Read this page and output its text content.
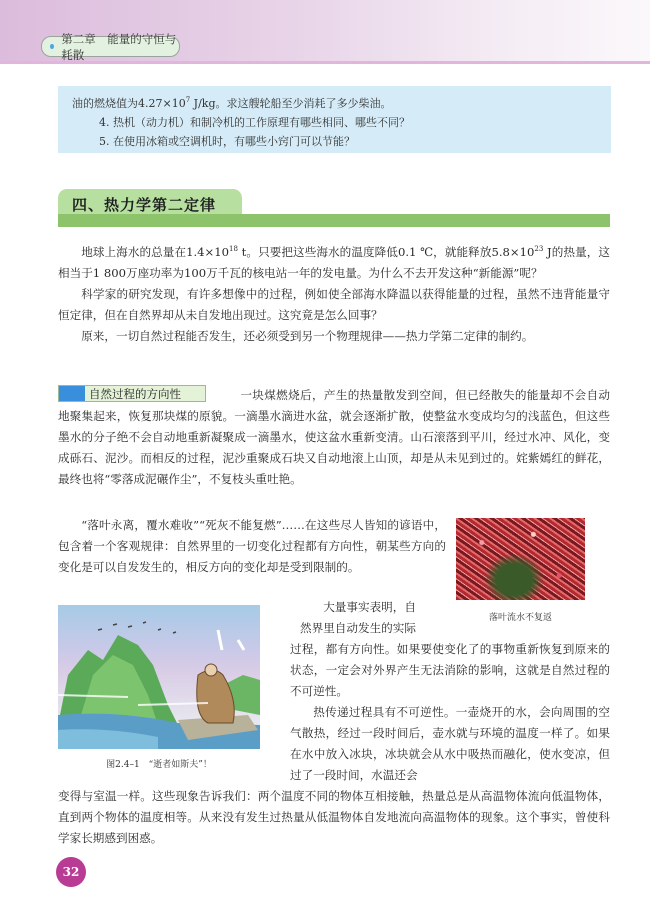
第二章　能量的守恒与耗散
油的燃烧值为$4.27\times 10^7$ J/kg。求这艘轮船至少消耗了多少柴油。
4. 热机（动力机）和制冷机的工作原理有哪些相同、哪些不同？
5. 在使用冰箱或空调机时，有哪些小窍门可以节能？
四、热力学第二定律

地球上海水的总量在$1.4\times 10^{18}$ t。只要把这些海水的温度降低0.1 ℃，就能释放$5.8\times 10^{23}$ J的热量，这相当于1 800万座功率为100万千瓦的核电站一年的发电量。为什么不去开发这种“新能源”呢？

科学家的研究发现，有许多想像中的过程，例如使全部海水降温以获得能量的过程，虽然不违背能量守恒定律，但在自然界却从未自发地出现过。这究竟是怎么回事？

原来，一切自然过程能否发生，还必须受到另一个物理规律——热力学第二定律的制约。

自然过程的方向性	一块煤燃烧后，产生的热量散发到空间，但已经散失的能量却不会自动地聚集起来，恢复那块煤的原貌。一滴墨水滴进水盆，就会逐渐扩散，使整盆水变成均匀的浅蓝色，但这些墨水的分子绝不会自动地重新凝聚成一滴墨水，使这盆水重新变清。山石滚落到平川，经过水冲、风化，变成砾石、泥沙。而相反的过程，泥沙重聚成石块又自动地滚上山顶，却是从未见到过的。姹紫嫣红的鲜花，最终也将“零落成泥碾作尘”，不复枝头重吐艳。

“落叶永离，覆水难收”“死灰不能复燃”……在这些尽人皆知的谚语中，包含着一个客观规律：自然界里的一切变化过程都有方向性，朝某些方向的变化是可以自发发生的，相反方向的变化却是受到限制的。

落叶流水不复返
图2.4–1　“逝者如斯夫”！

大量事实表明，自

然界里自动发生的实际
过程，都有方向性。如果要使变化了的事物重新恢复到原来的状态，一定会对外界产生无法消除的影响，这就是自然过程的不可逆性。

热传递过程具有不可逆性。一壶烧开的水，会向周围的空气散热，经过一段时间后，壶水就与环境的温度一样了。如果在水中放入冰块，冰块就会从水中吸热而融化，使水变凉，但过了一段时间，水温还会

变得与室温一样。这些现象告诉我们：两个温度不同的物体互相接触，热量总是从高温物体流向低温物体，直到两个物体的温度相等。从来没有发生过热量从低温物体自发地流向高温物体的现象。这个事实，曾使科学家长期感到困惑。
32
